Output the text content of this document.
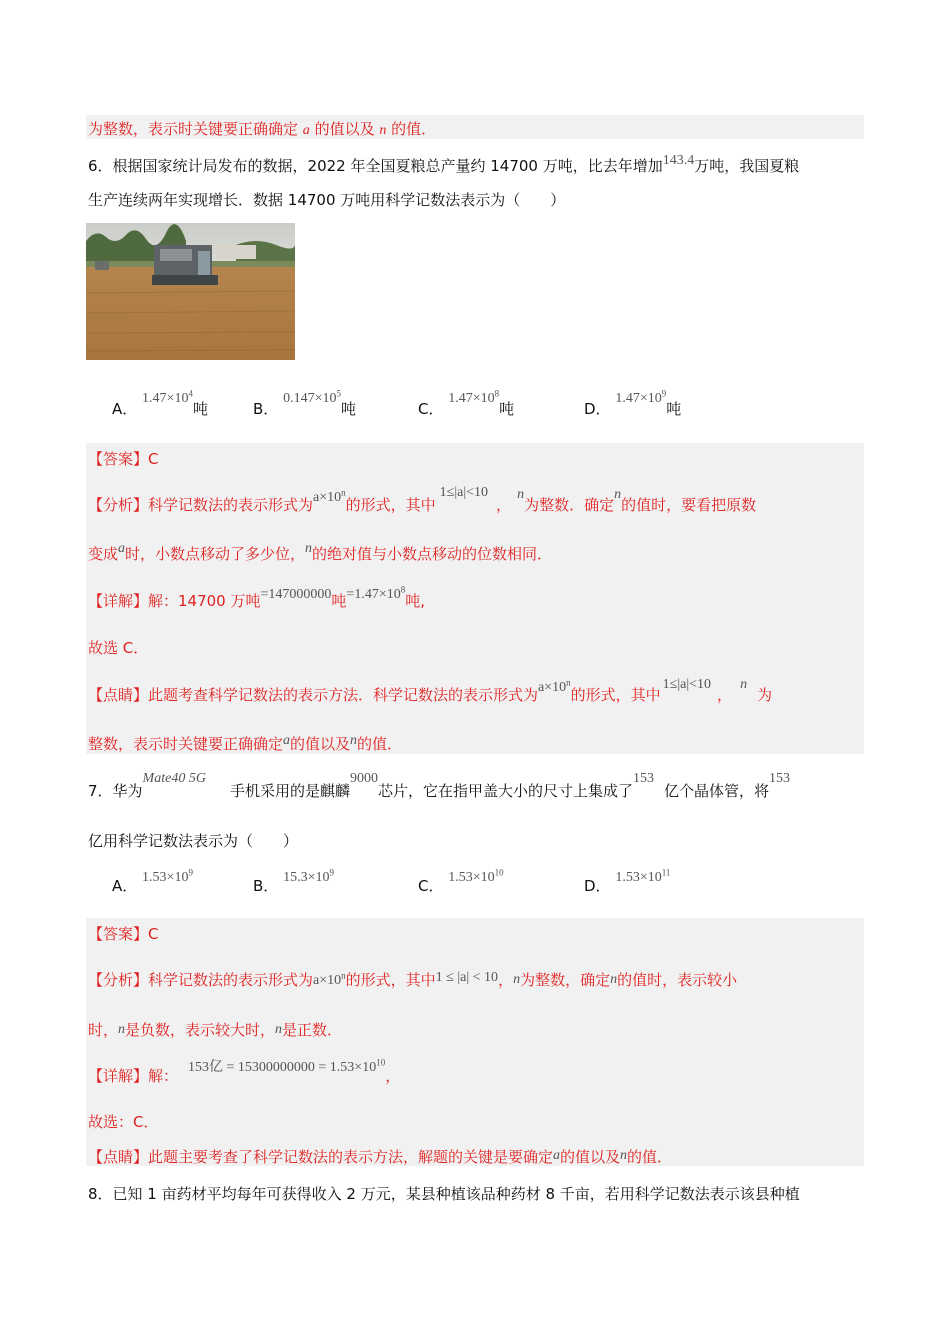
为整数，表示时关键要正确确定 a 的值以及 n 的值．
6．根据国家统计局发布的数据，2022 年全国夏粮总产量约 14700 万吨，比去年增加143.4万吨，我国夏粮
生产连续两年实现增长．数据 14700 万吨用科学记数法表示为（　　）
A． $1.47\times 10^4$吨	B． $0.147\times 10^5$吨	C． $1.47\times 10^8$吨	D． $1.47\times 10^9$吨
【答案】C
【分析】科学记数法的表示形式为$a\times 10^n$的形式，其中1≤|a|<10，n为整数．确定n的值时，要看把原数
变成a时，小数点移动了多少位，n的绝对值与小数点移动的位数相同．
【详解】解：14700 万吨=147000000吨$=1.47\times 10^8$吨,
故选 C．
【点睛】此题考查科学记数法的表示方法．科学记数法的表示形式为$a\times 10^n$的形式，其中1≤|a|<10，n为
整数，表示时关键要正确确定a的值以及n的值．
7．华为Mate40 5G手机采用的是麒麟9000芯片，它在指甲盖大小的尺寸上集成了153亿个晶体管，将153
亿用科学记数法表示为（　　）
A． $1.53\times 10^9$
B． $15.3\times 10^9$
C． $1.53\times 10^{10}$
D． $1.53\times 10^{11}$
【答案】C
【分析】科学记数法的表示形式为$a\times 10^n$的形式，其中1 ≤ |a| < 10，n为整数，确定n的值时，表示较小
时，n是负数，表示较大时，n是正数．
【详解】解： 153亿 = $15300000000 = 1.53\times 10^{10}$，
故选：C．
【点睛】此题主要考查了科学记数法的表示方法，解题的关键是要确定a的值以及n的值．
8．已知 1 亩药材平均每年可获得收入 2 万元，某县种植该品种药材 8 千亩，若用科学记数法表示该县种植
